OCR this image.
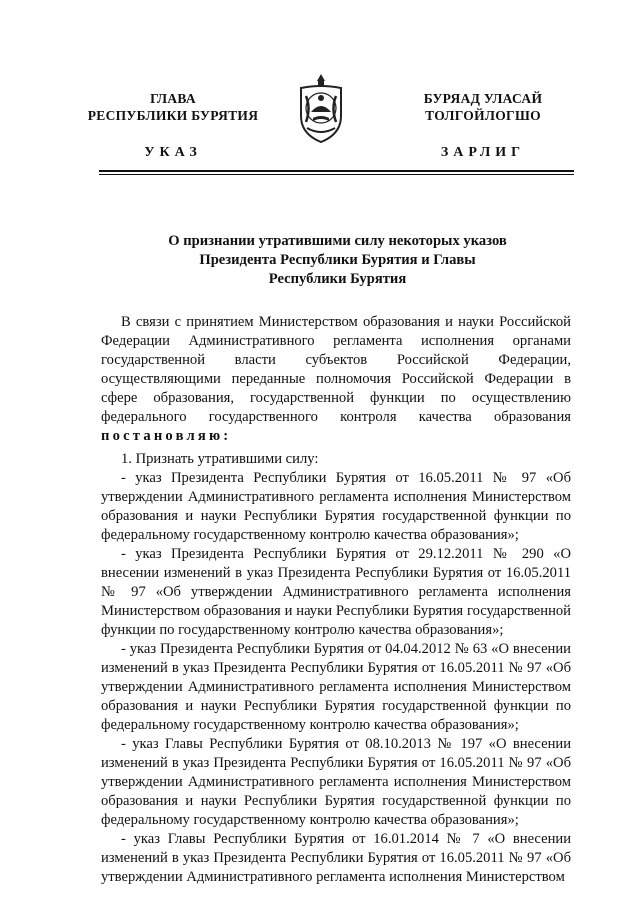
ГЛАВА
РЕСПУБЛИКИ БУРЯТИЯ
БУРЯАД УЛАСАЙ
ТОЛГОЙЛОГШО
УКАЗ	ЗАРЛИГ
О признании утратившими силу некоторых указов
Президента Республики Бурятия и Главы
Республики Бурятия

В связи с принятием Министерством образования и науки Российской Федерации Административного регламента исполнения органами государственной власти субъектов Российской Федерации, осуществляющими переданные полномочия Российской Федерации в сфере образования, государственной функции по осуществлению федерального государственного контроля качества образования постановляю:

1. Признать утратившими силу:

- указ Президента Республики Бурятия от 16.05.2011 № 97 «Об утверждении Административного регламента исполнения Министерством образования и науки Республики Бурятия государственной функции по федеральному государственному контролю качества образования»;

- указ Президента Республики Бурятия от 29.12.2011 № 290 «О внесении изменений в указ Президента Республики Бурятия от 16.05.2011 № 97 «Об утверждении Административного регламента исполнения Министерством образования и науки Республики Бурятия государственной функции по государственному контролю качества образования»;

- указ Президента Республики Бурятия от 04.04.2012 № 63 «О внесении изменений в указ Президента Республики Бурятия от 16.05.2011 № 97 «Об утверждении Административного регламента исполнения Министерством образования и науки Республики Бурятия государственной функции по федеральному государственному контролю качества образования»;

- указ Главы Республики Бурятия от 08.10.2013 № 197 «О внесении изменений в указ Президента Республики Бурятия от 16.05.2011 № 97 «Об утверждении Административного регламента исполнения Министерством образования и науки Республики Бурятия государственной функции по федеральному государственному контролю качества образования»;

- указ Главы Республики Бурятия от 16.01.2014 № 7 «О внесении изменений в указ Президента Республики Бурятия от 16.05.2011 № 97 «Об утверждении Административного регламента исполнения Министерством
